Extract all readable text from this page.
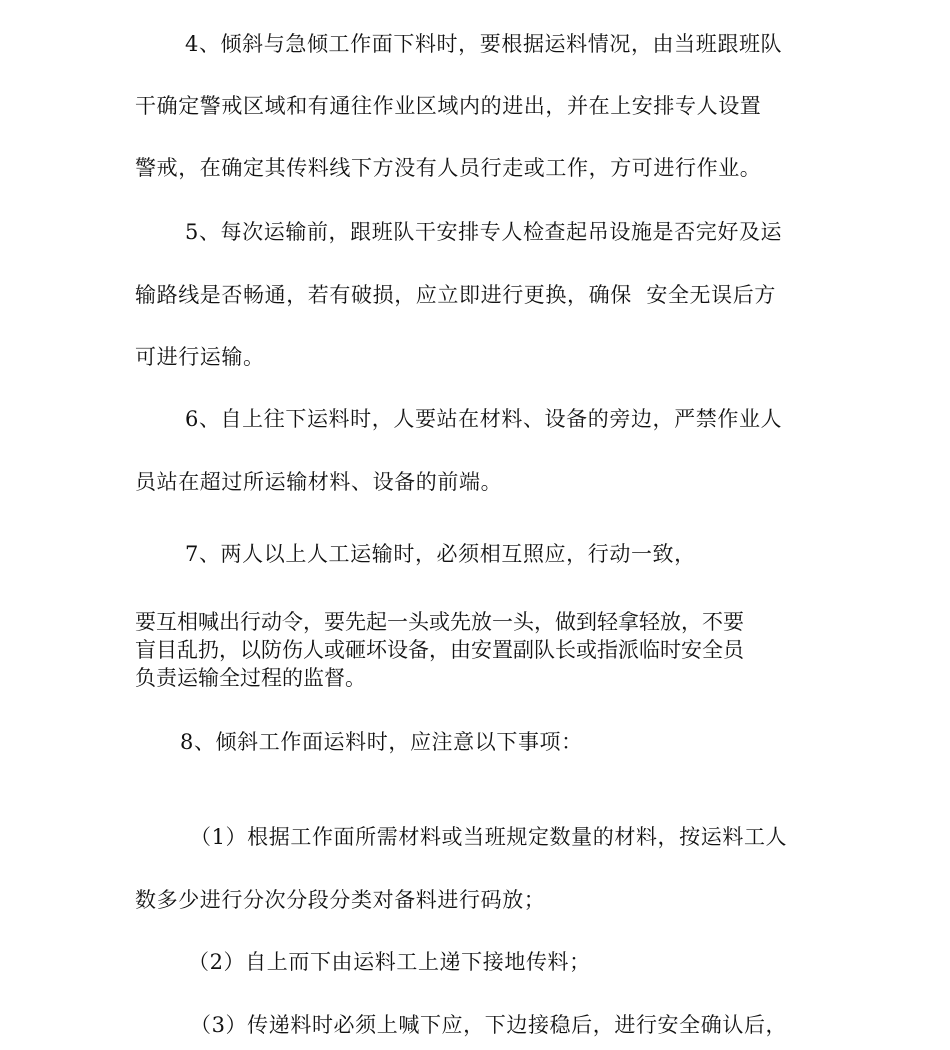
4、倾斜与急倾工作面下料时，要根据运料情况，由当班跟班队
干确定警戒区域和有通往作业区域内的进出，并在上安排专人设置
警戒，在确定其传料线下方没有人员行走或工作，方可进行作业。
5、每次运输前，跟班队干安排专人检查起吊设施是否完好及运
输路线是否畅通，若有破损，应立即进行更换，确保  安全无误后方
可进行运输。
6、自上往下运料时，人要站在材料、设备的旁边，严禁作业人
员站在超过所运输材料、设备的前端。
7、两人以上人工运输时，必须相互照应，行动一致，
要互相喊出行动令，要先起一头或先放一头，做到轻拿轻放，不要
盲目乱扔，以防伤人或砸坏设备，由安置副队长或指派临时安全员
负责运输全过程的监督。
8、倾斜工作面运料时，应注意以下事项：
（1）根据工作面所需材料或当班规定数量的材料，按运料工人
数多少进行分次分段分类对备料进行码放；
（2）自上而下由运料工上递下接地传料；
（3）传递料时必须上喊下应，下边接稳后，进行安全确认后，
